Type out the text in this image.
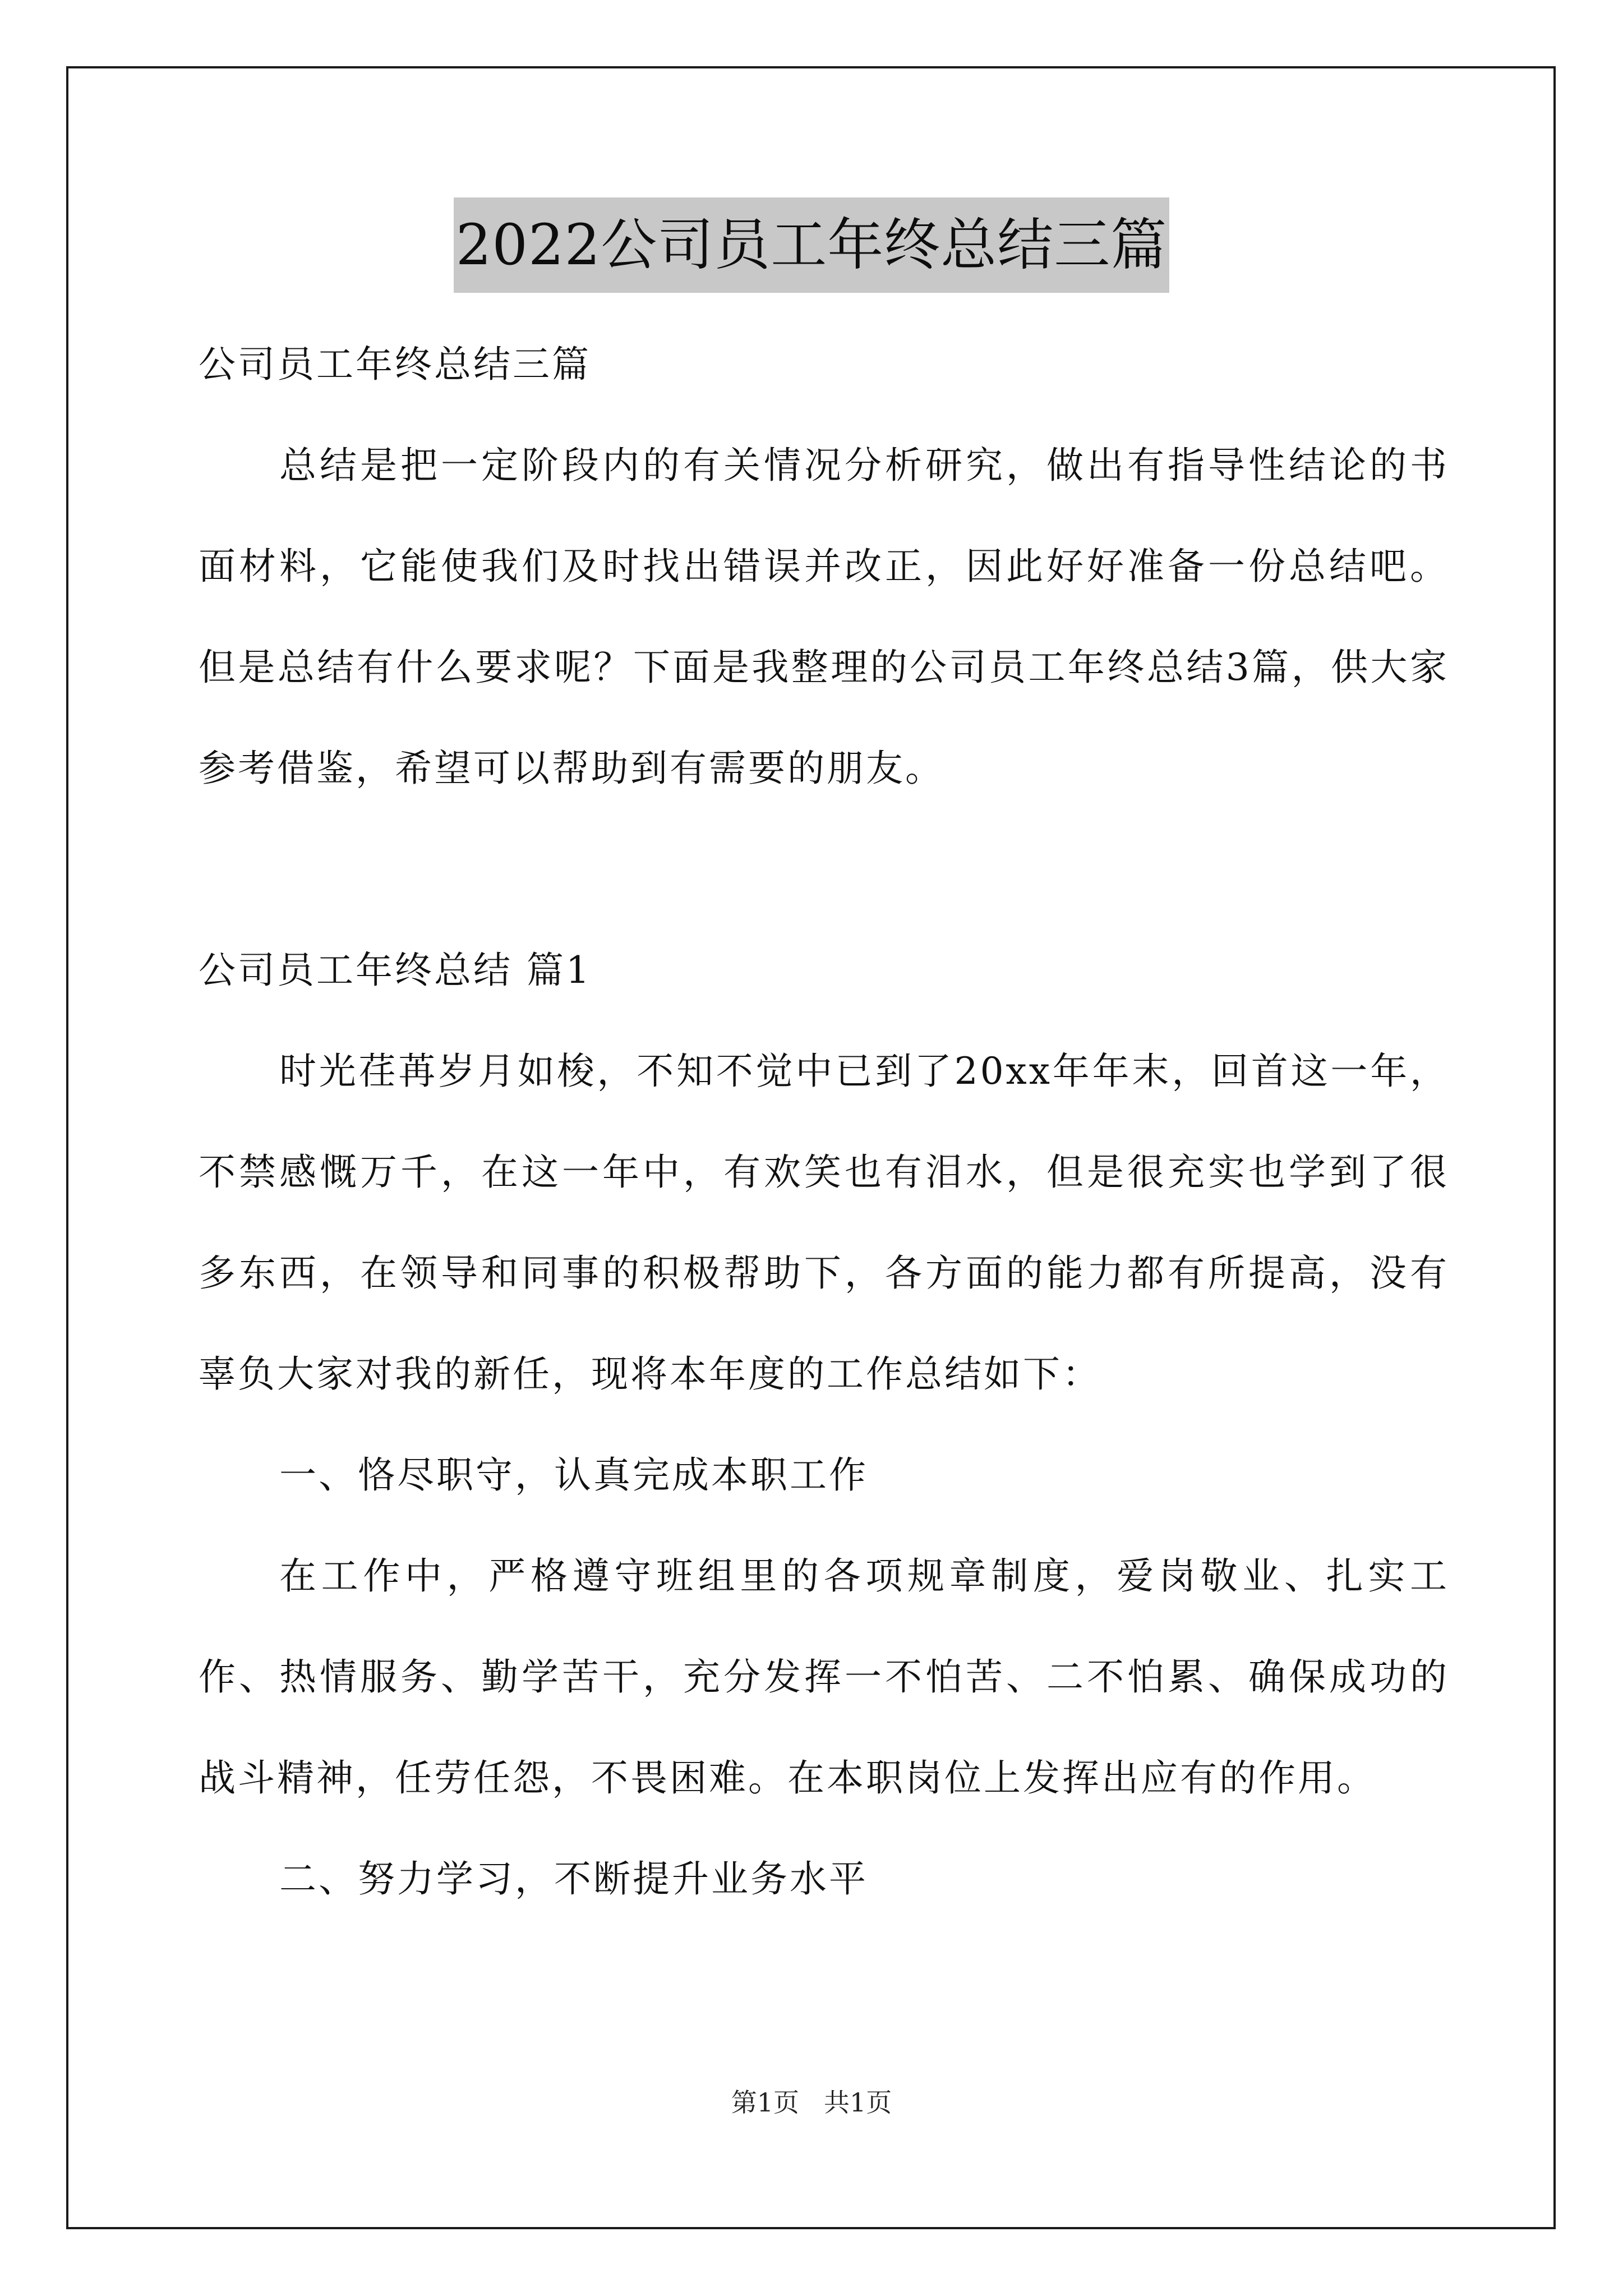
2022公司员工年终总结三篇

公司员工年终总结三篇

总结是把一定阶段内的有关情况分析研究，做出有指导性结论的书面材料，它能使我们及时找出错误并改正，因此好好准备一份总结吧。但是总结有什么要求呢？下面是我整理的公司员工年终总结3篇，供大家参考借鉴，希望可以帮助到有需要的朋友。

公司员工年终总结 篇1

时光荏苒岁月如梭，不知不觉中已到了20xx年年末，回首这一年，不禁感慨万千，在这一年中，有欢笑也有泪水，但是很充实也学到了很多东西，在领导和同事的积极帮助下，各方面的能力都有所提高，没有辜负大家对我的新任，现将本年度的工作总结如下：

一、恪尽职守，认真完成本职工作

在工作中，严格遵守班组里的各项规章制度，爱岗敬业、扎实工作、热情服务、勤学苦干，充分发挥一不怕苦、二不怕累、确保成功的战斗精神，任劳任怨，不畏困难。在本职岗位上发挥出应有的作用。

二、努力学习，不断提升业务水平

第1页 共1页
